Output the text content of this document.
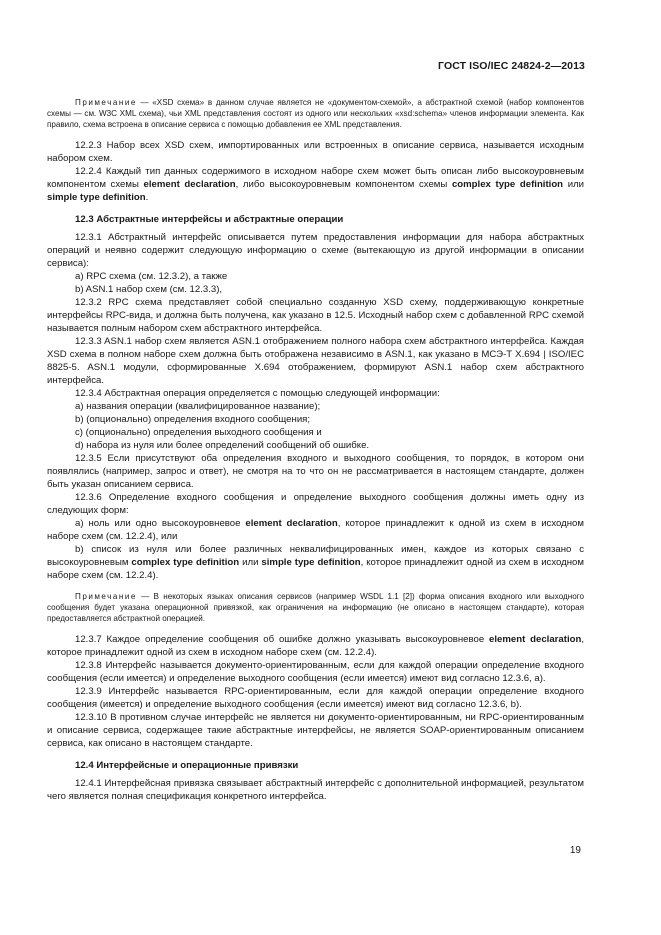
ГОСТ ISO/IEC 24824-2—2013

Примечание — «XSD схема» в данном случае является не «документом-схемой», а абстрактной схемой (набор компонентов схемы — см. W3C XML схема), чьи XML представления состоят из одного или нескольких «xsd:schema» членов информации элемента. Как правило, схема встроена в описание сервиса с помощью добавления ее XML представления.

12.2.3 Набор всех XSD схем, импортированных или встроенных в описание сервиса, называется исходным набором схем.

12.2.4 Каждый тип данных содержимого в исходном наборе схем может быть описан либо высокоуровневым компонентом схемы element declaration, либо высокоуровневым компонентом схемы complex type definition или simple type definition.

12.3 Абстрактные интерфейсы и абстрактные операции

12.3.1 Абстрактный интерфейс описывается путем предоставления информации для набора абстрактных операций и неявно содержит следующую информацию о схеме (вытекающую из другой информации в описании сервиса):

a) RPC схема (см. 12.3.2), а также

b) ASN.1 набор схем (см. 12.3.3),

12.3.2 RPC схема представляет собой специально созданную XSD схему, поддерживающую конкретные интерфейсы RPC-вида, и должна быть получена, как указано в 12.5. Исходный набор схем с добавленной RPC схемой называется полным набором схем абстрактного интерфейса.

12.3.3 ASN.1 набор схем является ASN.1 отображением полного набора схем абстрактного интерфейса. Каждая XSD схема в полном наборе схем должна быть отображена независимо в ASN.1, как указано в МСЭ-Т X.694 | ISO/IEC 8825-5. ASN.1 модули, сформированные X.694 отображением, формируют ASN.1 набор схем абстрактного интерфейса.

12.3.4 Абстрактная операция определяется с помощью следующей информации:

a) названия операции (квалифицированное название);

b) (опционально) определения входного сообщения;

c) (опционально) определения выходного сообщения и

d) набора из нуля или более определений сообщений об ошибке.

12.3.5 Если присутствуют оба определения входного и выходного сообщения, то порядок, в котором они появлялись (например, запрос и ответ), не смотря на то что он не рассматривается в настоящем стандарте, должен быть указан описанием сервиса.

12.3.6 Определение входного сообщения и определение выходного сообщения должны иметь одну из следующих форм:

a) ноль или одно высокоуровневое element declaration, которое принадлежит к одной из схем в исходном наборе схем (см. 12.2.4), или

b) список из нуля или более различных неквалифицированных имен, каждое из которых связано с высокоуровневым complex type definition или simple type definition, которое принадлежит одной из схем в исходном наборе схем (см. 12.2.4).

Примечание — В некоторых языках описания сервисов (например WSDL 1.1 [2]) форма описания входного или выходного сообщения будет указана операционной привязкой, как ограничения на информацию (не описано в настоящем стандарте), которая предоставляется абстрактной операцией.

12.3.7 Каждое определение сообщения об ошибке должно указывать высокоуровневое element declaration, которое принадлежит одной из схем в исходном наборе схем (см. 12.2.4).

12.3.8 Интерфейс называется документо-ориентированным, если для каждой операции определение входного сообщения (если имеется) и определение выходного сообщения (если имеется) имеют вид согласно 12.3.6, а).

12.3.9 Интерфейс называется RPC-ориентированным, если для каждой операции определение входного сообщения (имеется) и определение выходного сообщения (если имеется) имеют вид согласно 12.3.6, b).

12.3.10 В противном случае интерфейс не является ни документо-ориентированным, ни RPC-ориентированным и описание сервиса, содержащее такие абстрактные интерфейсы, не является SOAP-ориентированным описанием сервиса, как описано в настоящем стандарте.

12.4 Интерфейсные и операционные привязки

12.4.1 Интерфейсная привязка связывает абстрактный интерфейс с дополнительной информацией, результатом чего является полная спецификация конкретного интерфейса.

19
